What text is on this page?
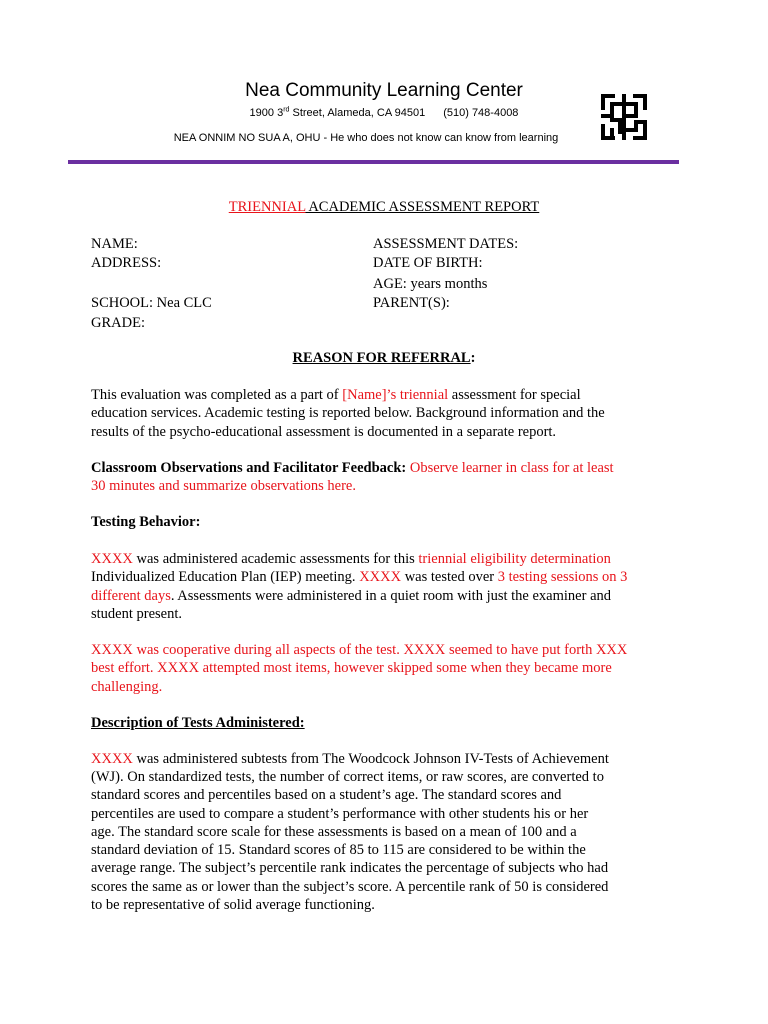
Nea Community Learning Center
1900 3rd Street, Alameda, CA 94501 (510) 748-4008
NEA ONNIM NO SUA A, OHU - He who does not know can know from learning
TRIENNIAL ACADEMIC ASSESSMENT REPORT
NAME:
ADDRESS:
SCHOOL: Nea CLC
GRADE:
ASSESSMENT DATES:
DATE OF BIRTH:
AGE: years months
PARENT(S):
REASON FOR REFERRAL:
This evaluation was completed as a part of [Name]’s triennial assessment for special
education services. Academic testing is reported below. Background information and the
results of the psycho-educational assessment is documented in a separate report.
Classroom Observations and Facilitator Feedback: Observe learner in class for at least
30 minutes and summarize observations here.
Testing Behavior:
XXXX was administered academic assessments for this triennial eligibility determination
Individualized Education Plan (IEP) meeting. XXXX was tested over 3 testing sessions on 3
different days. Assessments were administered in a quiet room with just the examiner and
student present.
XXXX was cooperative during all aspects of the test. XXXX seemed to have put forth XXX
best effort. XXXX attempted most items, however skipped some when they became more
challenging.
Description of Tests Administered:
XXXX was administered subtests from The Woodcock Johnson IV-Tests of Achievement
(WJ). On standardized tests, the number of correct items, or raw scores, are converted to
standard scores and percentiles based on a student’s age. The standard scores and
percentiles are used to compare a student’s performance with other students his or her
age. The standard score scale for these assessments is based on a mean of 100 and a
standard deviation of 15. Standard scores of 85 to 115 are considered to be within the
average range. The subject’s percentile rank indicates the percentage of subjects who had
scores the same as or lower than the subject’s score. A percentile rank of 50 is considered
to be representative of solid average functioning.
